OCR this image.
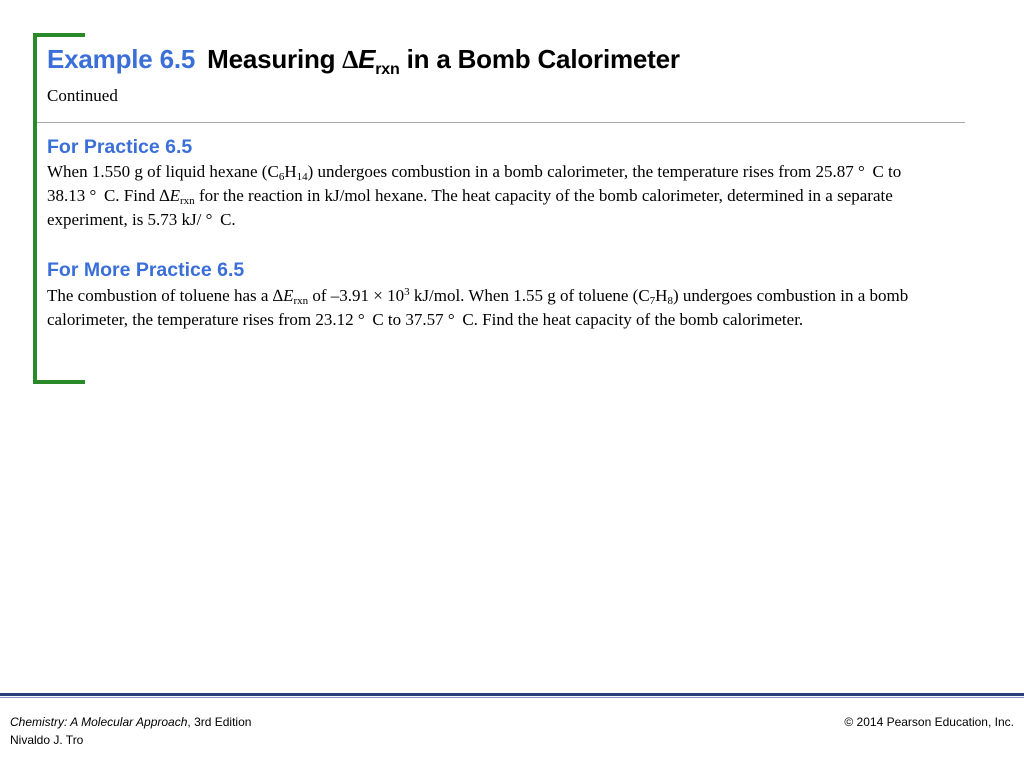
Example 6.5 Measuring $\Delta E_{rxn}$ in a Bomb Calorimeter
Continued
For Practice 6.5
When 1.550 g of liquid hexane $(C_6H_{14})$ undergoes combustion in a bomb calorimeter, the temperature rises from 25.87 °  C to 38.13 °  C. Find $\Delta E_{rxn}$ for the reaction in kJ/mol hexane. The heat capacity of the bomb calorimeter, determined in a separate experiment, is 5.73 kJ/ °  C.
For More Practice 6.5
The combustion of toluene has a $\Delta E_{rxn}$ of $-3.91 \times 10^3$ kJ/mol. When 1.55 g of toluene $(C_7H_8)$ undergoes combustion in a bomb calorimeter, the temperature rises from 23.12 °  C to 37.57 °  C. Find the heat capacity of the bomb calorimeter.
Chemistry: A Molecular Approach, 3rd Edition
Nivaldo J. Tro
© 2014 Pearson Education, Inc.
